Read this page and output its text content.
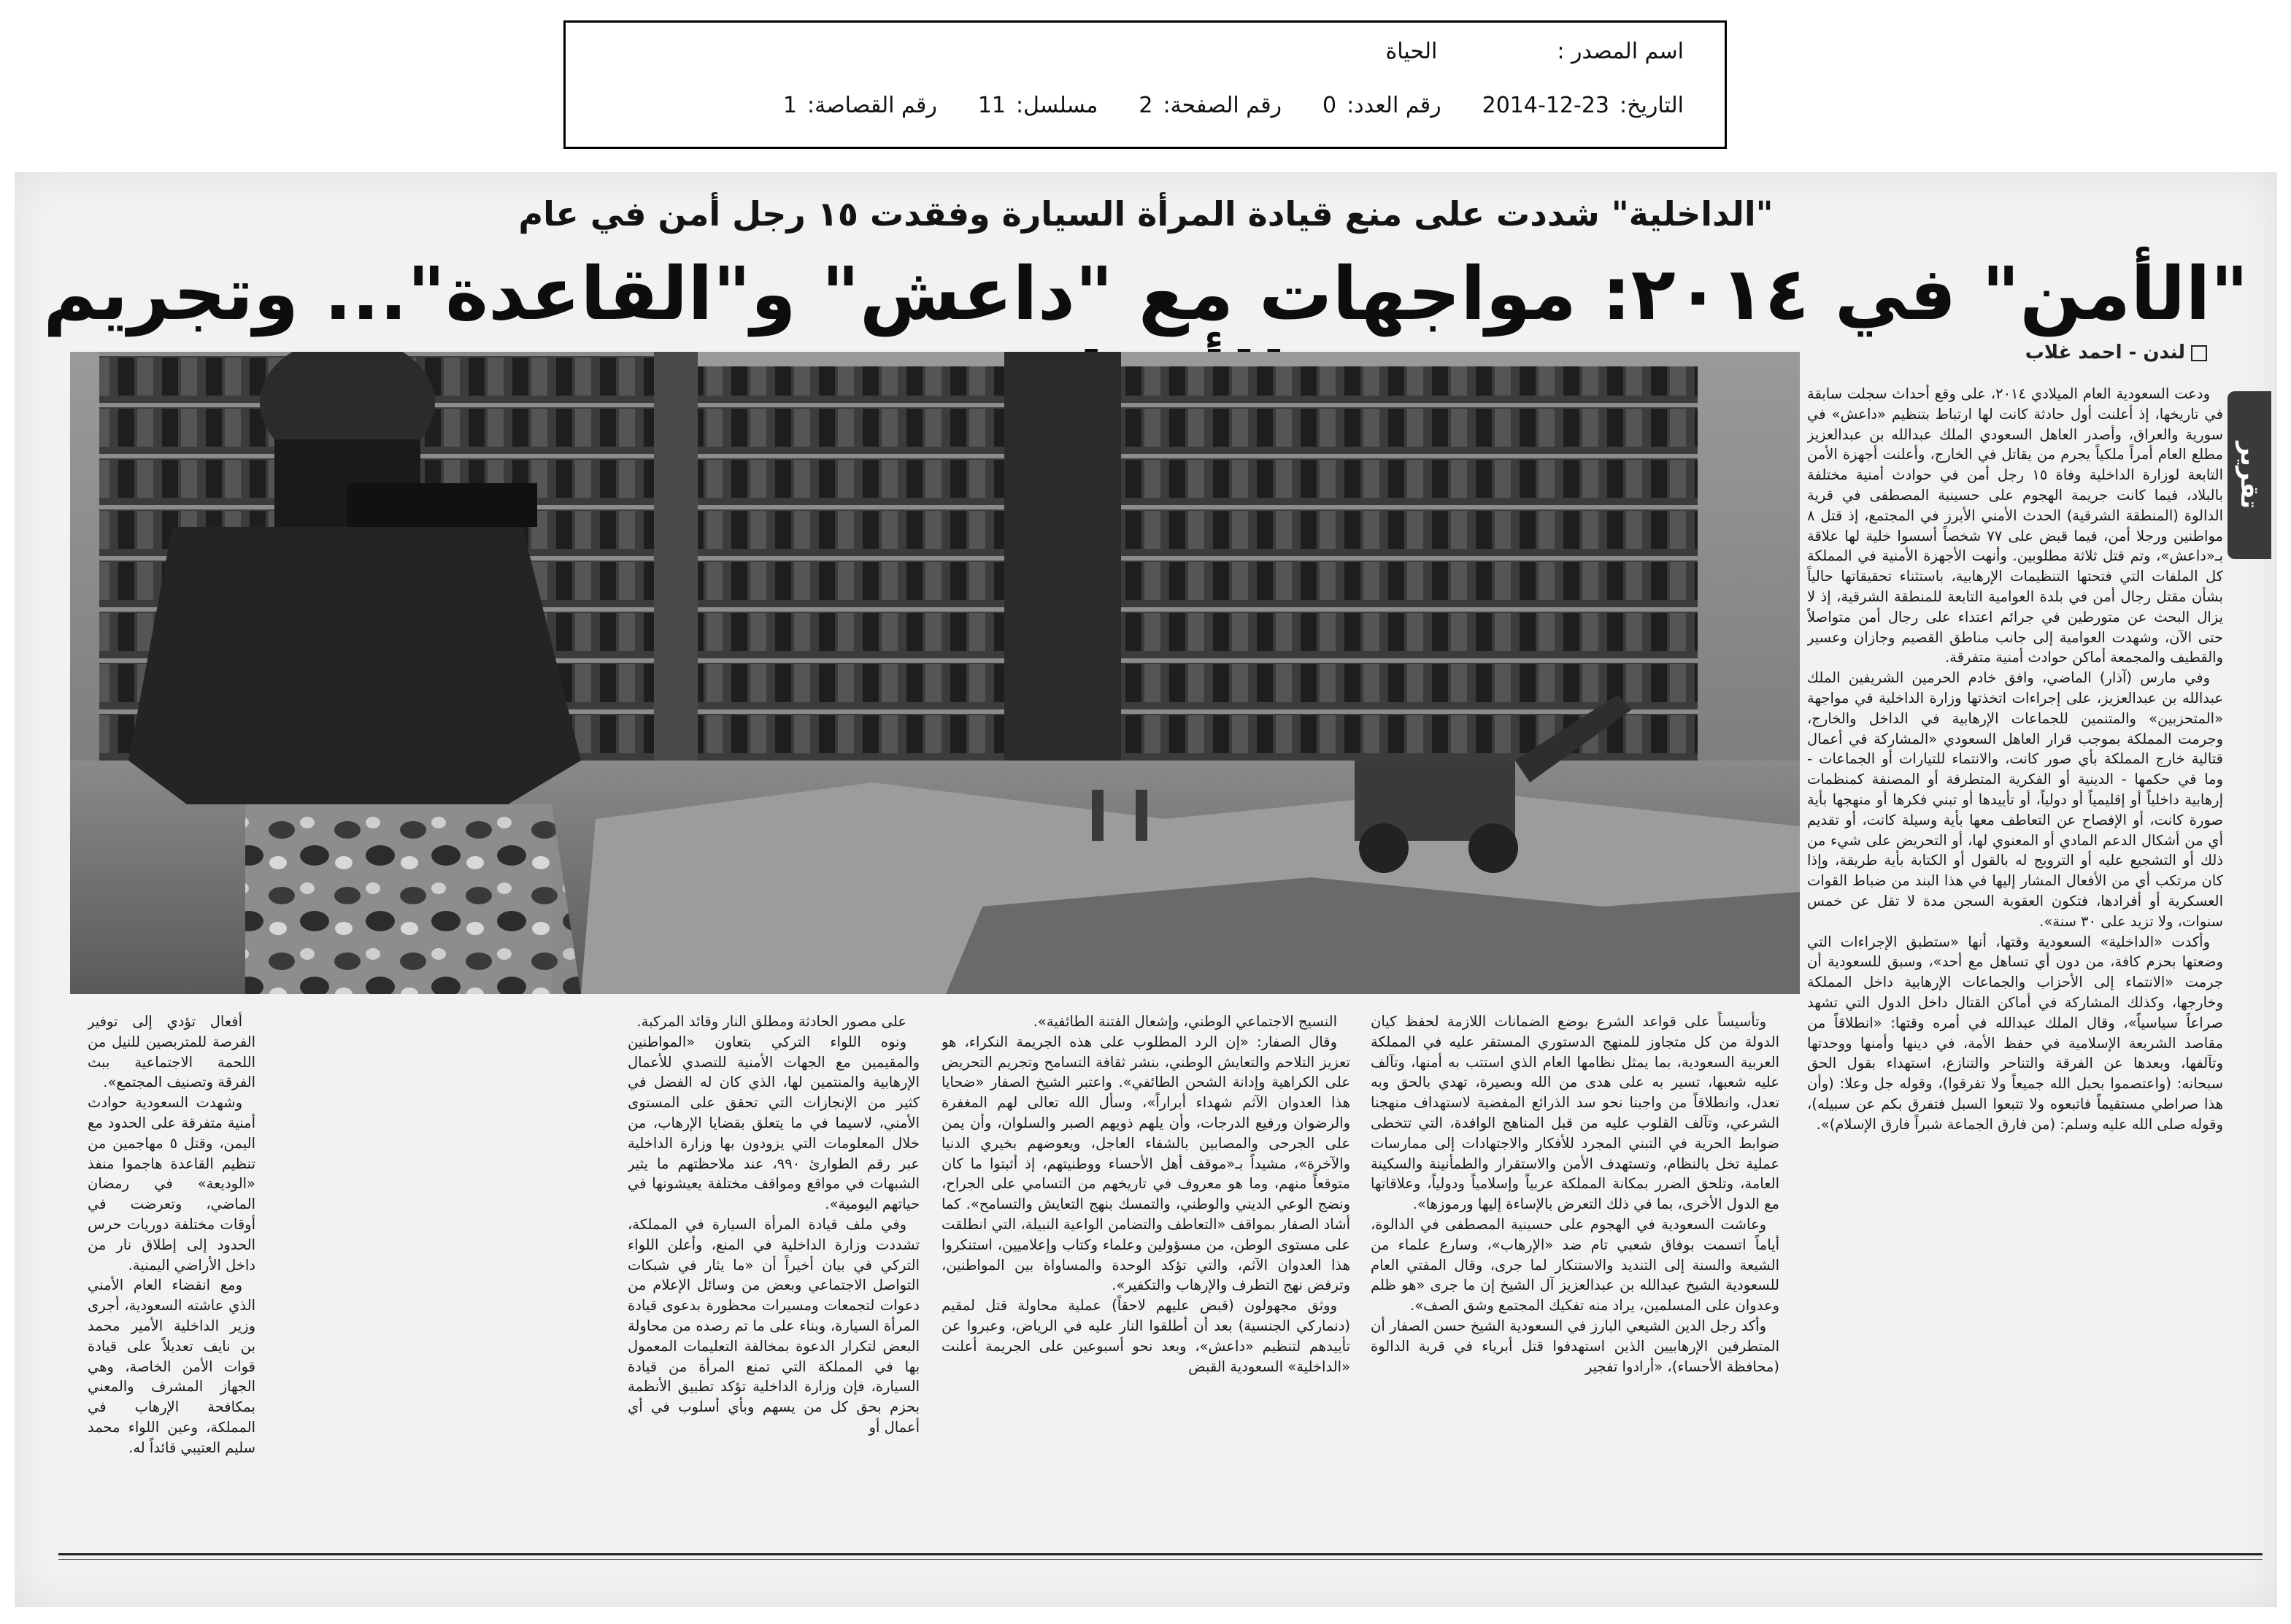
اسم المصدر :
الحياة
التاريخ:23-12-2014
رقم العدد:0
رقم الصفحة:2
مسلسل:11
رقم القصاصة:1
"الداخلية" شددت على منع قيادة المرأة السيارة وفقدت ١٥ رجل أمن في عام
"الأمن" في ٢٠١٤: مواجهات مع "داعش" و"القاعدة"... وتجريم
لندن - احمد غلاب
تقرير

ودعت السعودية العام الميلادي ٢٠١٤، على وقع أحداث سجلت سابقة في تاريخها، إذ أعلنت أول حادثة كانت لها ارتباط بتنظيم «داعش» في سورية والعراق، وأصدر العاهل السعودي الملك عبدالله بن عبدالعزيز مطلع العام أمراً ملكياً يجرم من يقاتل في الخارج، وأعلنت أجهزة الأمن التابعة لوزارة الداخلية وفاة ١٥ رجل أمن في حوادث أمنية مختلفة بالبلاد، فيما كانت جريمة الهجوم على حسينية المصطفى في قرية الدالوة (المنطقة الشرقية) الحدث الأمني الأبرز في المجتمع، إذ قتل ٨ مواطنين ورجلا أمن، فيما قبض على ٧٧ شخصاً أسسوا خلية لها علاقة بـ«داعش»، وتم قتل ثلاثة مطلوبين. وأنهت الأجهزة الأمنية في المملكة كل الملفات التي فتحتها التنظيمات الإرهابية، باستثناء تحقيقاتها حالياً بشأن مقتل رجال أمن في بلدة العوامية التابعة للمنطقة الشرقية، إذ لا يزال البحث عن متورطين في جرائم اعتداء على رجال أمن متواصلاً حتى الآن، وشهدت العوامية إلى جانب مناطق القصيم وجازان وعسير والقطيف والمجمعة أماكن حوادث أمنية متفرقة.

وفي مارس (آذار) الماضي، وافق خادم الحرمين الشريفين الملك عبدالله بن عبدالعزيز، على إجراءات اتخذتها وزارة الداخلية في مواجهة «المتحزبين» والمتنمين للجماعات الإرهابية في الداخل والخارج، وجرمت المملكة بموجب قرار العاهل السعودي «المشاركة في أعمال قتالية خارج المملكة بأي صور كانت، والانتماء للتيارات أو الجماعات - وما في حكمها - الدينية أو الفكرية المتطرفة أو المصنفة كمنظمات إرهابية داخلياً أو إقليمياً أو دولياً، أو تأييدها أو تبني فكرها أو منهجها بأية صورة كانت، أو الإفصاح عن التعاطف معها بأية وسيلة كانت، أو تقديم أي من أشكال الدعم المادي أو المعنوي لها، أو التحريض على شيء من ذلك أو التشجيع عليه أو الترويج له بالقول أو الكتابة بأية طريقة، وإذا كان مرتكب أي من الأفعال المشار إليها في هذا البند من ضباط القوات العسكرية أو أفرادها، فتكون العقوبة السجن مدة لا تقل عن خمس سنوات، ولا تزيد على ٣٠ سنة».

وأكدت «الداخلية» السعودية وقتها، أنها «ستطبق الإجراءات التي وضعتها بحزم كافة، من دون أي تساهل مع أحد»، وسبق للسعودية أن جرمت «الانتماء إلى الأحزاب والجماعات الإرهابية داخل المملكة وخارجها، وكذلك المشاركة في أماكن القتال داخل الدول التي تشهد صراعاً سياسياً»، وقال الملك عبدالله في أمره وقتها: «انطلاقاً من مقاصد الشريعة الإسلامية في حفظ الأمة، في دينها وأمنها ووحدتها وتآلفها، وبعدها عن الفرقة والتناحر والتنازع، استهداء بقول الحق سبحانه: (واعتصموا بحبل الله جميعاً ولا تفرقوا)، وقوله جل وعلا: (وأن هذا صراطي مستقيماً فاتبعوه ولا تتبعوا السبل فتفرق بكم عن سبيله)، وقوله صلى الله عليه وسلم: (من فارق الجماعة شبراً فارق الإسلام)».

وتأسيساً على قواعد الشرع بوضع الضمانات اللازمة لحفظ كيان الدولة من كل متجاوز للمنهج الدستوري المستقر عليه في المملكة العربية السعودية، بما يمثل نظامها العام الذي استتب به أمنها، وتآلف عليه شعبها، تسير به على هدى من الله وبصيرة، تهدي بالحق وبه تعدل، وانطلاقاً من واجبنا نحو سد الذرائع المفضية لاستهداف منهجنا الشرعي، وتآلف القلوب عليه من قبل المناهج الوافدة، التي تتخطى ضوابط الحرية في التبني المجرد للأفكار والاجتهادات إلى ممارسات عملية تخل بالنظام، وتستهدف الأمن والاستقرار والطمأنينة والسكينة العامة، وتلحق الضرر بمكانة المملكة عربياً وإسلامياً ودولياً، وعلاقاتها مع الدول الأخرى، بما في ذلك التعرض بالإساءة إليها ورموزها».

وعاشت السعودية في الهجوم على حسينية المصطفى في الدالوة، أياماً اتسمت بوفاق شعبي تام ضد «الإرهاب»، وسارع علماء من الشيعة والسنة إلى التنديد والاستنكار لما جرى، وقال المفتي العام للسعودية الشيخ عبدالله بن عبدالعزيز آل الشيخ إن ما جرى «هو ظلم وعدوان على المسلمين، يراد منه تفكيك المجتمع وشق الصف».

وأكد رجل الدين الشيعي البارز في السعودية الشيخ حسن الصفار أن المتطرفين الإرهابيين الذين استهدفوا قتل أبرياء في قرية الدالوة (محافظة الأحساء)، «أرادوا تفجير

النسيج الاجتماعي الوطني، وإشعال الفتنة الطائفية».

وقال الصفار: «إن الرد المطلوب على هذه الجريمة النكراء، هو تعزيز التلاحم والتعايش الوطني، بنشر ثقافة التسامح وتجريم التحريض على الكراهية وإدانة الشحن الطائفي». واعتبر الشيخ الصفار «ضحايا هذا العدوان الآثم شهداء أبراراً»، وسأل الله تعالى لهم المغفرة والرضوان ورفيع الدرجات، وأن يلهم ذويهم الصبر والسلوان، وأن يمن على الجرحى والمصابين بالشفاء العاجل، ويعوضهم بخيري الدنيا والآخرة»، مشيداً بـ«موقف أهل الأحساء ووطنيتهم، إذ أثبتوا ما كان متوقعاً منهم، وما هو معروف في تاريخهم من التسامي على الجراح، ونضج الوعي الديني والوطني، والتمسك بنهج التعايش والتسامح». كما أشاد الصفار بمواقف «التعاطف والتضامن الواعية النبيلة، التي انطلقت على مستوى الوطن، من مسؤولين وعلماء وكتاب وإعلاميين، استنكروا هذا العدوان الآثم، والتي تؤكد الوحدة والمساواة بين المواطنين، وترفض نهج التطرف والإرهاب والتكفير».

ووثق مجهولون (قبض عليهم لاحقاً) عملية محاولة قتل لمقيم (دنماركي الجنسية) بعد أن أطلقوا النار عليه في الرياض، وعبروا عن تأييدهم لتنظيم «داعش»، وبعد نحو أسبوعين على الجريمة أعلنت «الداخلية» السعودية القبض

على مصور الحادثة ومطلق النار وقائد المركبة.

ونوه اللواء التركي بتعاون «المواطنين والمقيمين مع الجهات الأمنية للتصدي للأعمال الإرهابية والمنتمين لها، الذي كان له الفضل في كثير من الإنجازات التي تحقق على المستوى الأمني، لاسيما في ما يتعلق بقضايا الإرهاب، من خلال المعلومات التي يزودون بها وزارة الداخلية عبر رقم الطوارئ ٩٩٠، عند ملاحظتهم ما يثير الشبهات في مواقع ومواقف مختلفة يعيشونها في حياتهم اليومية».

وفي ملف قيادة المرأة السيارة في المملكة، تشددت وزارة الداخلية في المنع، وأعلن اللواء التركي في بيان أخيراً أن «ما يثار في شبكات التواصل الاجتماعي وبعض من وسائل الإعلام من دعوات لتجمعات ومسيرات محظورة بدعوى قيادة المرأة السيارة، وبناء على ما تم رصده من محاولة البعض لتكرار الدعوة بمخالفة التعليمات المعمول بها في المملكة التي تمنع المرأة من قيادة السيارة، فإن وزارة الداخلية تؤكد تطبيق الأنظمة بحزم بحق كل من يسهم وبأي أسلوب في أي أعمال أو

أفعال تؤدي إلى توفير الفرصة للمتربصين للنيل من اللحمة الاجتماعية ببث الفرقة وتصنيف المجتمع».

وشهدت السعودية حوادث أمنية متفرقة على الحدود مع اليمن، وقتل ٥ مهاجمين من تنظيم القاعدة هاجموا منفذ «الوديعة» في رمضان الماضي، وتعرضت في أوقات مختلفة دوريات حرس الحدود إلى إطلاق نار من داخل الأراضي اليمنية.

ومع انقضاء العام الأمني الذي عاشته السعودية، أجرى وزير الداخلية الأمير محمد بن نايف تعديلاً على قيادة قوات الأمن الخاصة، وهي الجهاز المشرف والمعني بمكافحة الإرهاب في المملكة، وعين اللواء محمد سليم العتيبي قائداً له.
